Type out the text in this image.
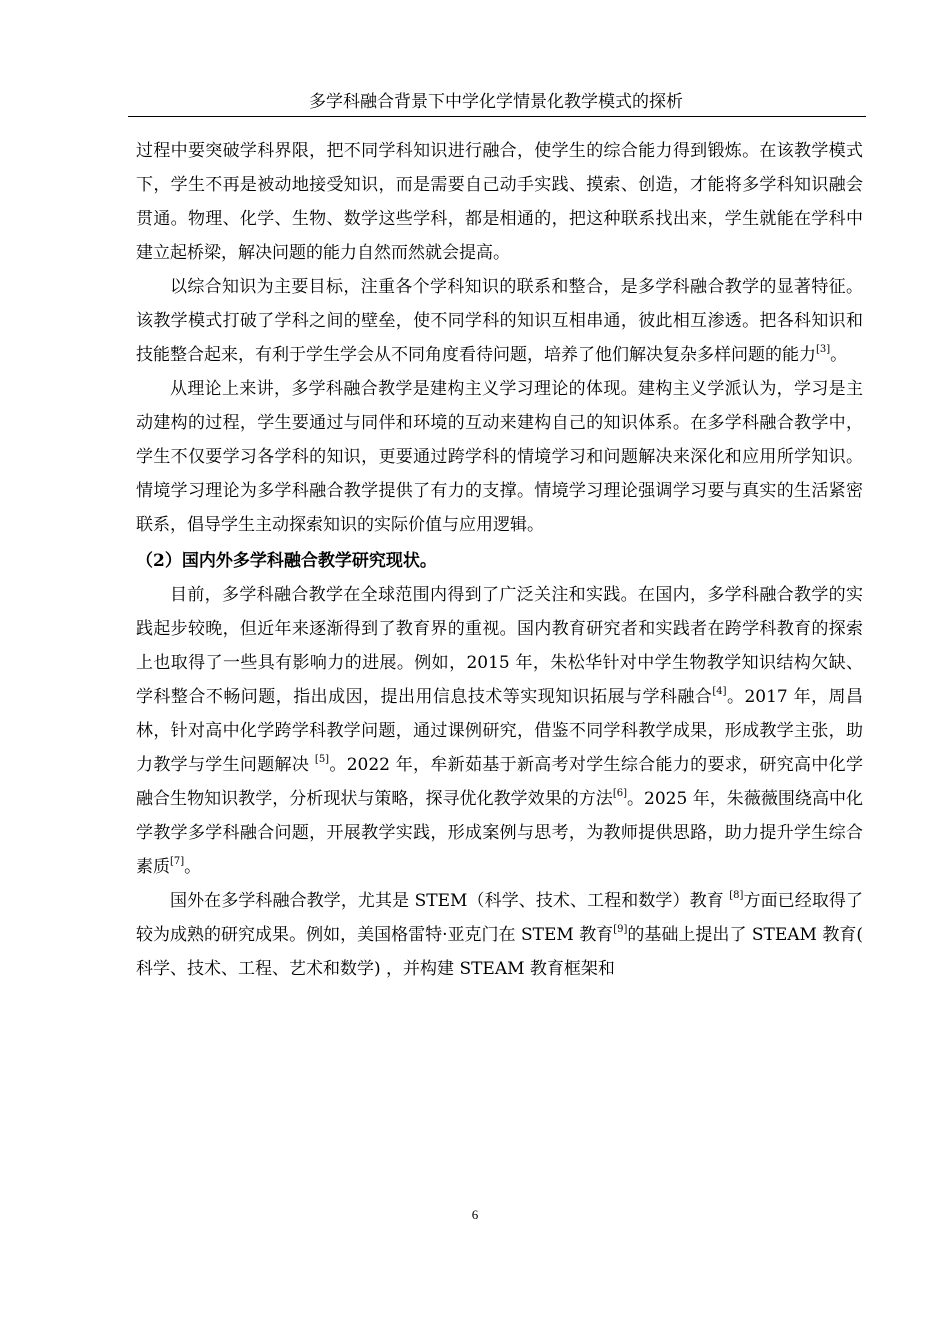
多学科融合背景下中学化学情景化教学模式的探析

过程中要突破学科界限，把不同学科知识进行融合，使学生的综合能力得到锻炼。在该教学模式下，学生不再是被动地接受知识，而是需要自己动手实践、摸索、创造，才能将多学科知识融会贯通。物理、化学、生物、数学这些学科，都是相通的，把这种联系找出来，学生就能在学科中建立起桥梁，解决问题的能力自然而然就会提高。

以综合知识为主要目标，注重各个学科知识的联系和整合，是多学科融合教学的显著特征。该教学模式打破了学科之间的壁垒，使不同学科的知识互相串通，彼此相互渗透。把各科知识和技能整合起来，有利于学生学会从不同角度看待问题，培养了他们解决复杂多样问题的能力[3]。

从理论上来讲，多学科融合教学是建构主义学习理论的体现。建构主义学派认为，学习是主动建构的过程，学生要通过与同伴和环境的互动来建构自己的知识体系。在多学科融合教学中，学生不仅要学习各学科的知识，更要通过跨学科的情境学习和问题解决来深化和应用所学知识。情境学习理论为多学科融合教学提供了有力的支撑。情境学习理论强调学习要与真实的生活紧密联系，倡导学生主动探索知识的实际价值与应用逻辑。

（2）国内外多学科融合教学研究现状。

目前，多学科融合教学在全球范围内得到了广泛关注和实践。在国内，多学科融合教学的实践起步较晚，但近年来逐渐得到了教育界的重视。国内教育研究者和实践者在跨学科教育的探索上也取得了一些具有影响力的进展。例如，2015 年，朱松华针对中学生物教学知识结构欠缺、学科整合不畅问题，指出成因，提出用信息技术等实现知识拓展与学科融合[4]。2017 年，周昌林，针对高中化学跨学科教学问题，通过课例研究，借鉴不同学科教学成果，形成教学主张，助力教学与学生问题解决 [5]。2022 年，牟新茹基于新高考对学生综合能力的要求，研究高中化学融合生物知识教学，分析现状与策略，探寻优化教学效果的方法[6]。2025 年，朱薇薇围绕高中化学教学多学科融合问题，开展教学实践，形成案例与思考，为教师提供思路，助力提升学生综合素质[7]。

国外在多学科融合教学，尤其是 STEM（科学、技术、工程和数学）教育 [8]方面已经取得了较为成熟的研究成果。例如，美国格雷特·亚克门在 STEM 教育[9]的基础上提出了 STEAM 教育( 科学、技术、工程、艺术和数学) ，并构建 STEAM 教育框架和

6
